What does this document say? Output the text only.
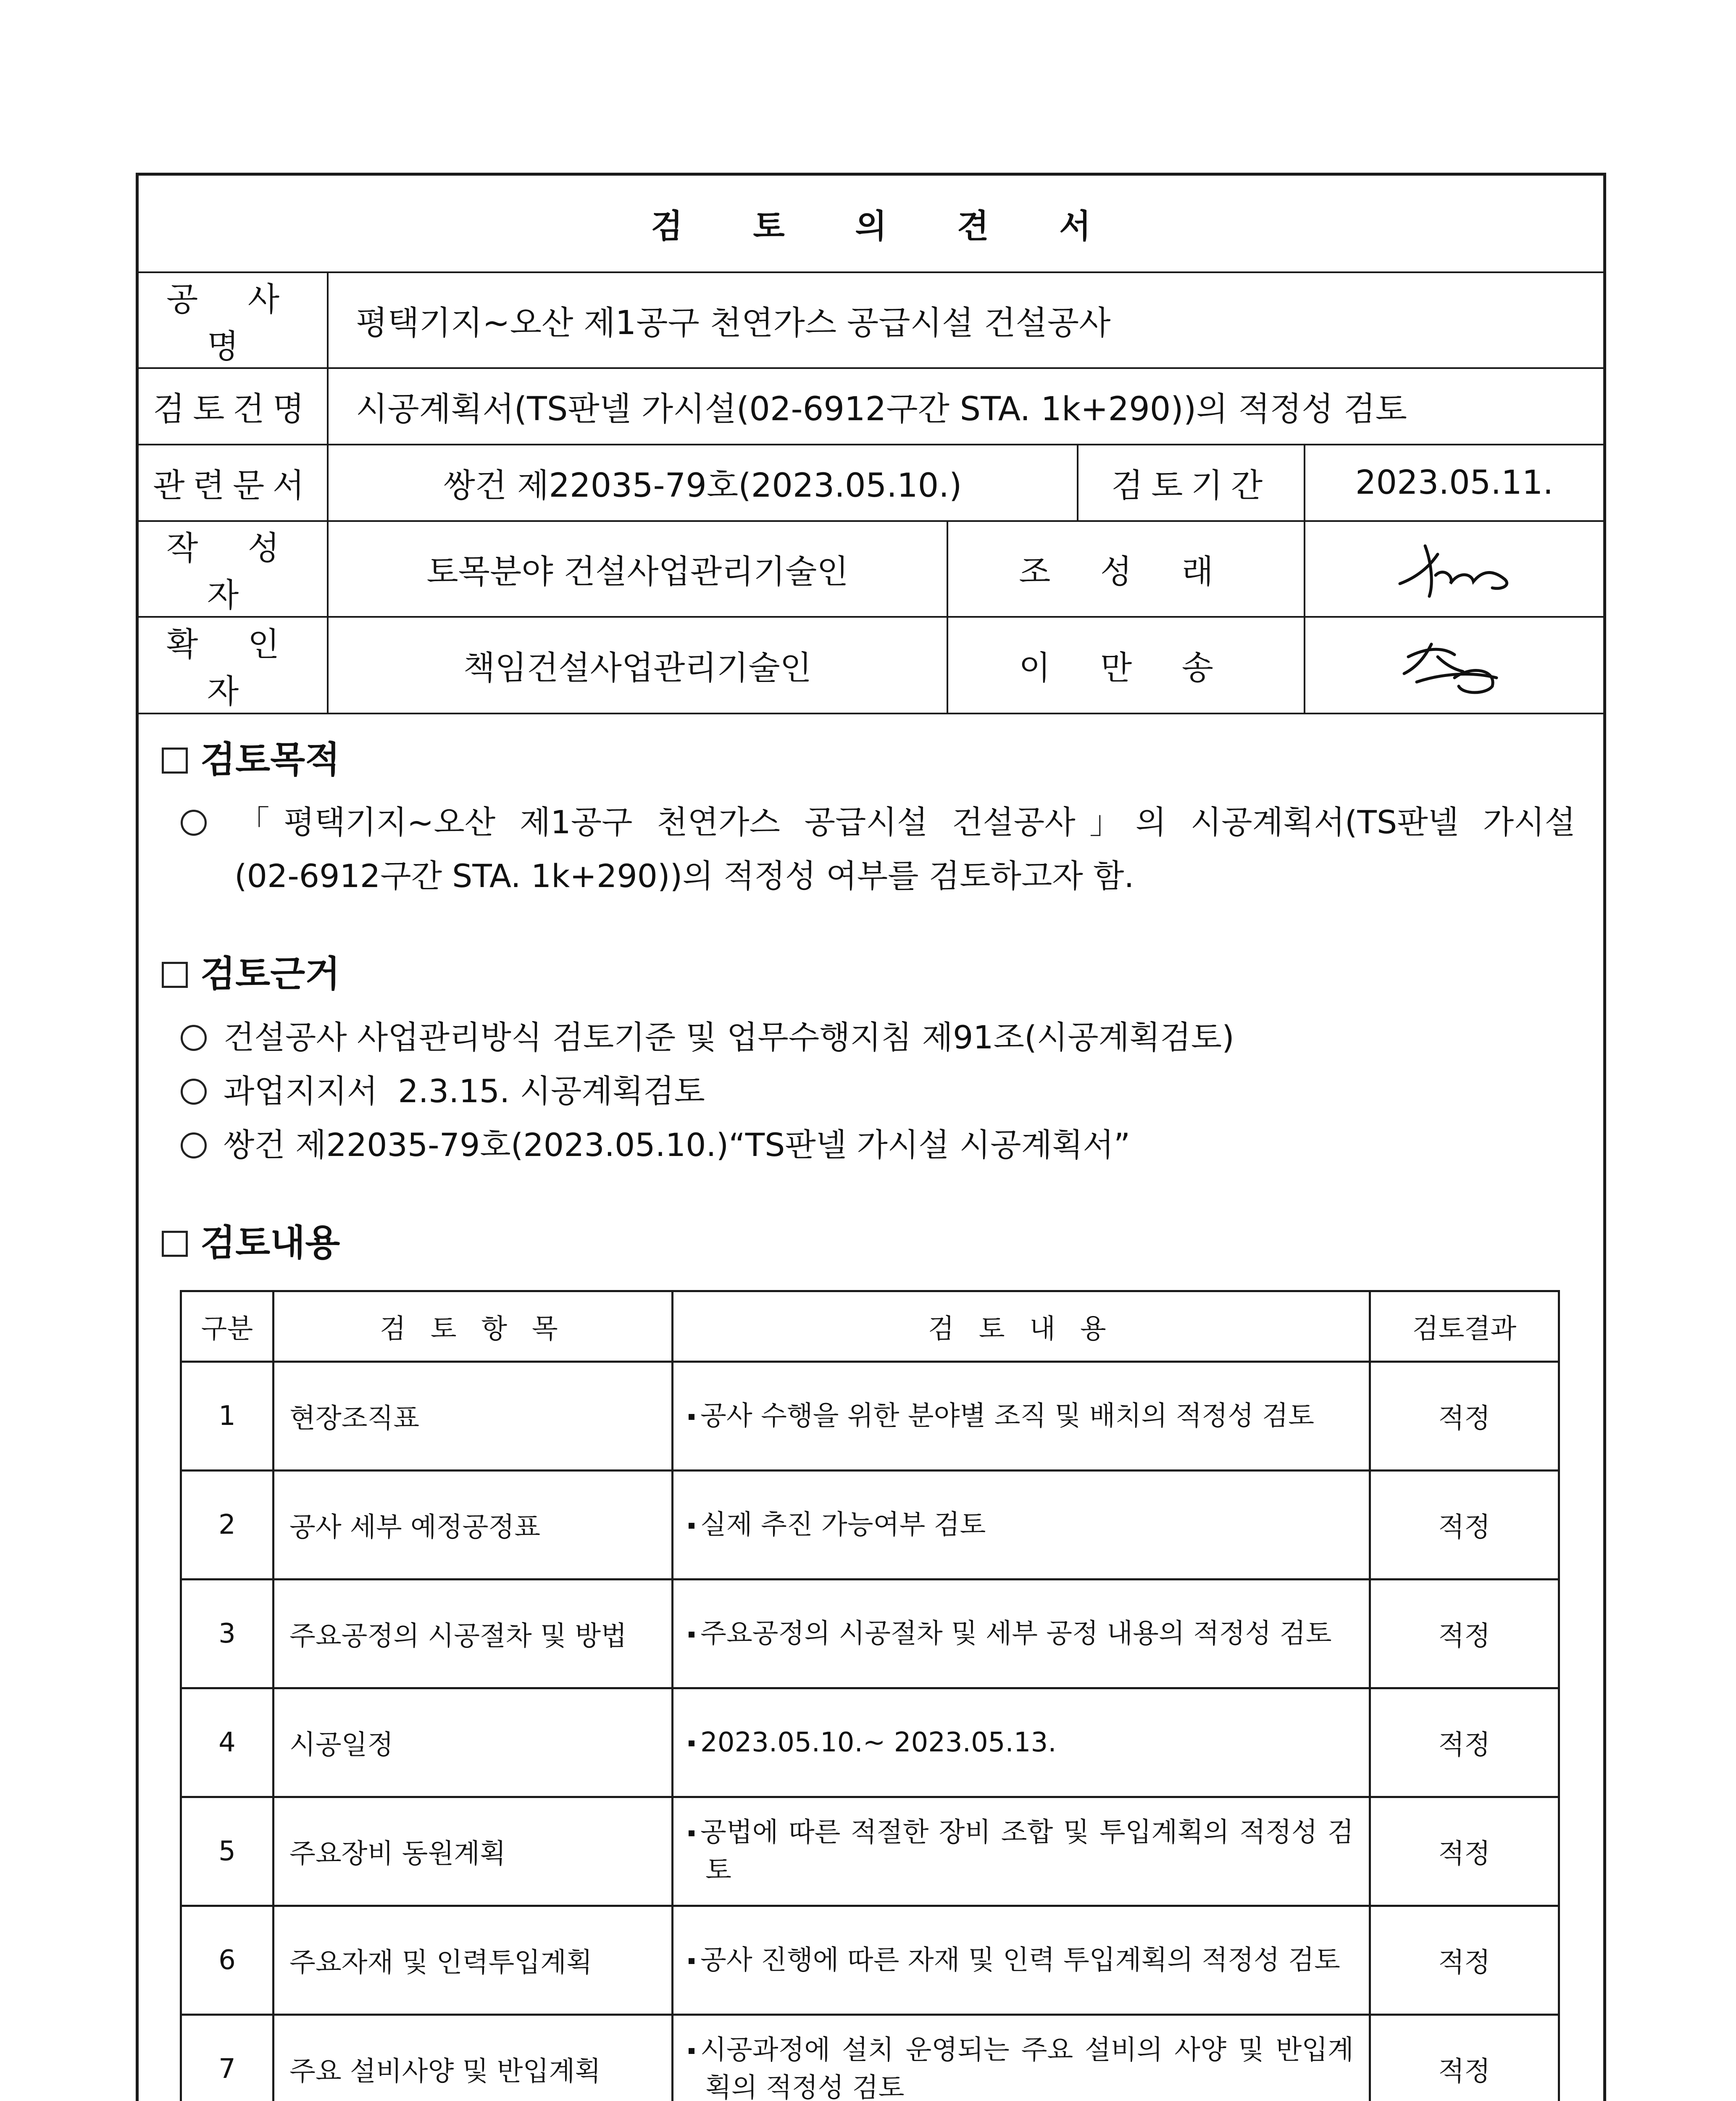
검 토 의 견 서				
공 사 명	평택기지~오산 제1공구 천연가스 공급시설 건설공사			
검토건명	시공계획서(TS판넬 가시설(02-6912구간 STA. 1k+290))의 적정성 검토			
관련문서	쌍건 제22035-79호(2023.05.10.)		검토기간	2023.05.11.
작 성 자	토목분야 건설사업관리기술인	조 성 래	

확 인 자	책임건설사업관리기술인	이 만 송	
검토목적
「평택기지~오산 제1공구 천연가스 공급시설 건설공사」의 시공계획서(TS판넬 가시설
(02-6912구간 STA. 1k+290))의 적정성 여부를 검토하고자 함.
검토근거
건설공사 사업관리방식 검토기준 및 업무수행지침 제91조(시공계획검토)
과업지지서  2.3.15. 시공계획검토
쌍건 제22035-79호(2023.05.10.)“TS판넬 가시설 시공계획서”
검토내용
구분	검 토 항 목	검 토 내 용	검토결과
1	현장조직표	공사 수행을 위한 분야별 조직 및 배치의 적정성 검토	적정
2	공사 세부 예정공정표	실제 추진 가능여부 검토	적정
3	주요공정의 시공절차 및 방법	주요공정의 시공절차 및 세부 공정 내용의 적정성 검토	적정
4	시공일정	2023.05.10.~ 2023.05.13.	적정
5	주요장비 동원계획	공법에 따른 적절한 장비 조합 및 투입계획의 적정성 검토	적정
6	주요자재 및 인력투입계획	공사 진행에 따른 자재 및 인력 투입계획의 적정성 검토	적정
7	주요 설비사양 및 반입계획	시공과정에 설치 운영되는 주요 설비의 사양 및 반입계획의 적정성 검토	적정
